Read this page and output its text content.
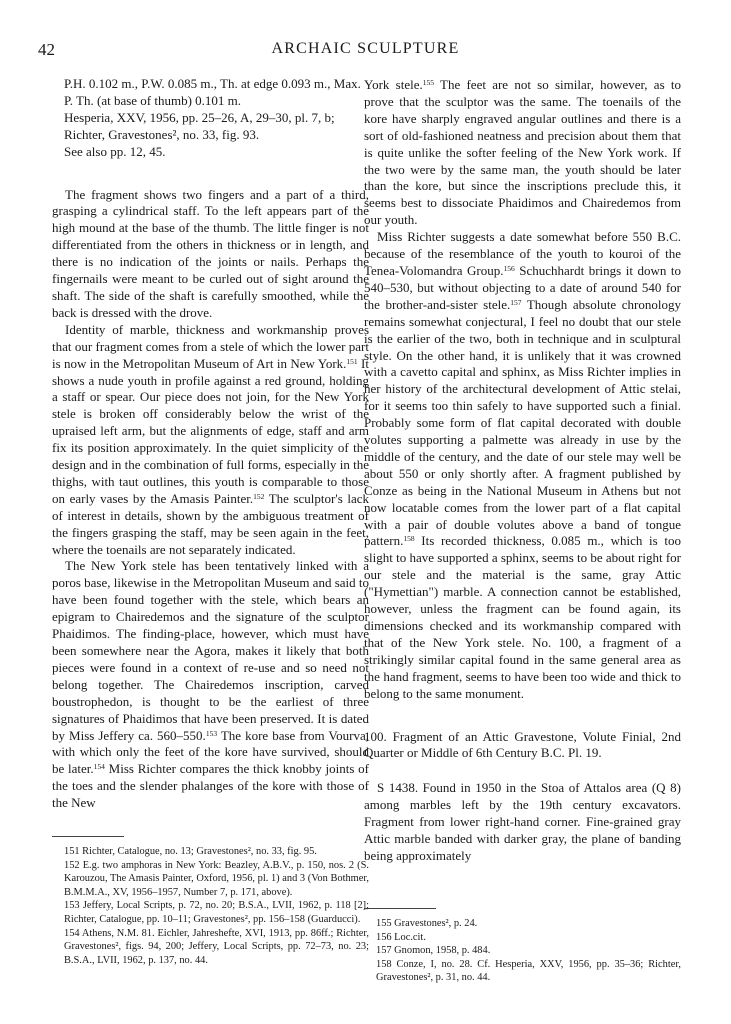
42	ARCHAIC SCULPTURE

P.H. 0.102 m., P.W. 0.085 m., Th. at edge 0.093 m., Max. P. Th. (at base of thumb) 0.101 m.

Hesperia, XXV, 1956, pp. 25–26, A, 29–30, pl. 7, b; Richter, Gravestones², no. 33, fig. 93.

See also pp. 12, 45.

The fragment shows two fingers and a part of a third, grasping a cylindrical staff. To the left appears part of the high mound at the base of the thumb. The little finger is not differentiated from the others in thickness or in length, and there is no indication of the joints or nails. Perhaps the fingernails were meant to be curled out of sight around the shaft. The side of the shaft is carefully smoothed, while the back is dressed with the drove.

Identity of marble, thickness and workmanship proves that our fragment comes from a stele of which the lower part is now in the Metropolitan Museum of Art in New York.$^{151}$ It shows a nude youth in profile against a red ground, holding a staff or spear. Our piece does not join, for the New York stele is broken off considerably below the wrist of the upraised left arm, but the alignments of edge, staff and arm fix its position approximately. In the quiet simplicity of the design and in the combination of full forms, especially in the thighs, with taut outlines, this youth is comparable to those on early vases by the Amasis Painter.$^{152}$ The sculptor's lack of interest in details, shown by the ambiguous treatment of the fingers grasping the staff, may be seen again in the feet, where the toenails are not separately indicated.

The New York stele has been tentatively linked with a poros base, likewise in the Metropolitan Museum and said to have been found together with the stele, which bears an epigram to Chairedemos and the signature of the sculptor Phaidimos. The finding-place, however, which must have been somewhere near the Agora, makes it likely that both pieces were found in a context of re-use and so need not belong together. The Chairedemos inscription, carved boustrophedon, is thought to be the earliest of three signatures of Phaidimos that have been preserved. It is dated by Miss Jeffery ca. 560–550.$^{153}$ The kore base from Vourva, with which only the feet of the kore have survived, should be later.$^{154}$ Miss Richter compares the thick knobby joints of the toes and the slender phalanges of the kore with those of the New

151 Richter, Catalogue, no. 13; Gravestones², no. 33, fig. 95.

152 E.g. two amphoras in New York: Beazley, A.B.V., p. 150, nos. 2 (S. Karouzou, The Amasis Painter, Oxford, 1956, pl. 1) and 3 (Von Bothmer, B.M.M.A., XV, 1956–1957, Number 7, p. 171, above).

153 Jeffery, Local Scripts, p. 72, no. 20; B.S.A., LVII, 1962, p. 118 [2]; Richter, Catalogue, pp. 10–11; Gravestones², pp. 156–158 (Guarducci).

154 Athens, N.M. 81. Eichler, Jahreshefte, XVI, 1913, pp. 86ff.; Richter, Gravestones², figs. 94, 200; Jeffery, Local Scripts, pp. 72–73, no. 23; B.S.A., LVII, 1962, p. 137, no. 44.

York stele.$^{155}$ The feet are not so similar, however, as to prove that the sculptor was the same. The toenails of the kore have sharply engraved angular outlines and there is a sort of old-fashioned neatness and precision about them that is quite unlike the softer feeling of the New York work. If the two were by the same man, the youth should be later than the kore, but since the inscriptions preclude this, it seems best to dissociate Phaidimos and Chairedemos from our youth.

Miss Richter suggests a date somewhat before 550 B.C. because of the resemblance of the youth to kouroi of the Tenea-Volomandra Group.$^{156}$ Schuchhardt brings it down to 540–530, but without objecting to a date of around 540 for the brother-and-sister stele.$^{157}$ Though absolute chronology remains somewhat conjectural, I feel no doubt that our stele is the earlier of the two, both in technique and in sculptural style. On the other hand, it is unlikely that it was crowned with a cavetto capital and sphinx, as Miss Richter implies in her history of the architectural development of Attic stelai, for it seems too thin safely to have supported such a finial. Probably some form of flat capital decorated with double volutes supporting a palmette was already in use by the middle of the century, and the date of our stele may well be about 550 or only shortly after. A fragment published by Conze as being in the National Museum in Athens but not now locatable comes from the lower part of a flat capital with a pair of double volutes above a band of tongue pattern.$^{158}$ Its recorded thickness, 0.085 m., which is too slight to have supported a sphinx, seems to be about right for our stele and the material is the same, gray Attic ("Hymettian") marble. A connection cannot be established, however, unless the fragment can be found again, its dimensions checked and its workmanship compared with that of the New York stele. No. 100, a fragment of a strikingly similar capital found in the same general area as the hand fragment, seems to have been too wide and thick to belong to the same monument.

100. Fragment of an Attic Gravestone, Volute Finial, 2nd Quarter or Middle of 6th Century B.C. Pl. 19.

S 1438. Found in 1950 in the Stoa of Attalos area (Q 8) among marbles left by the 19th century excavators. Fragment from lower right-hand corner. Fine-grained gray Attic marble banded with darker gray, the plane of banding being approximately

155 Gravestones², p. 24.

156 Loc.cit.

157 Gnomon, 1958, p. 484.

158 Conze, I, no. 28. Cf. Hesperia, XXV, 1956, pp. 35–36; Richter, Gravestones², p. 31, no. 44.
